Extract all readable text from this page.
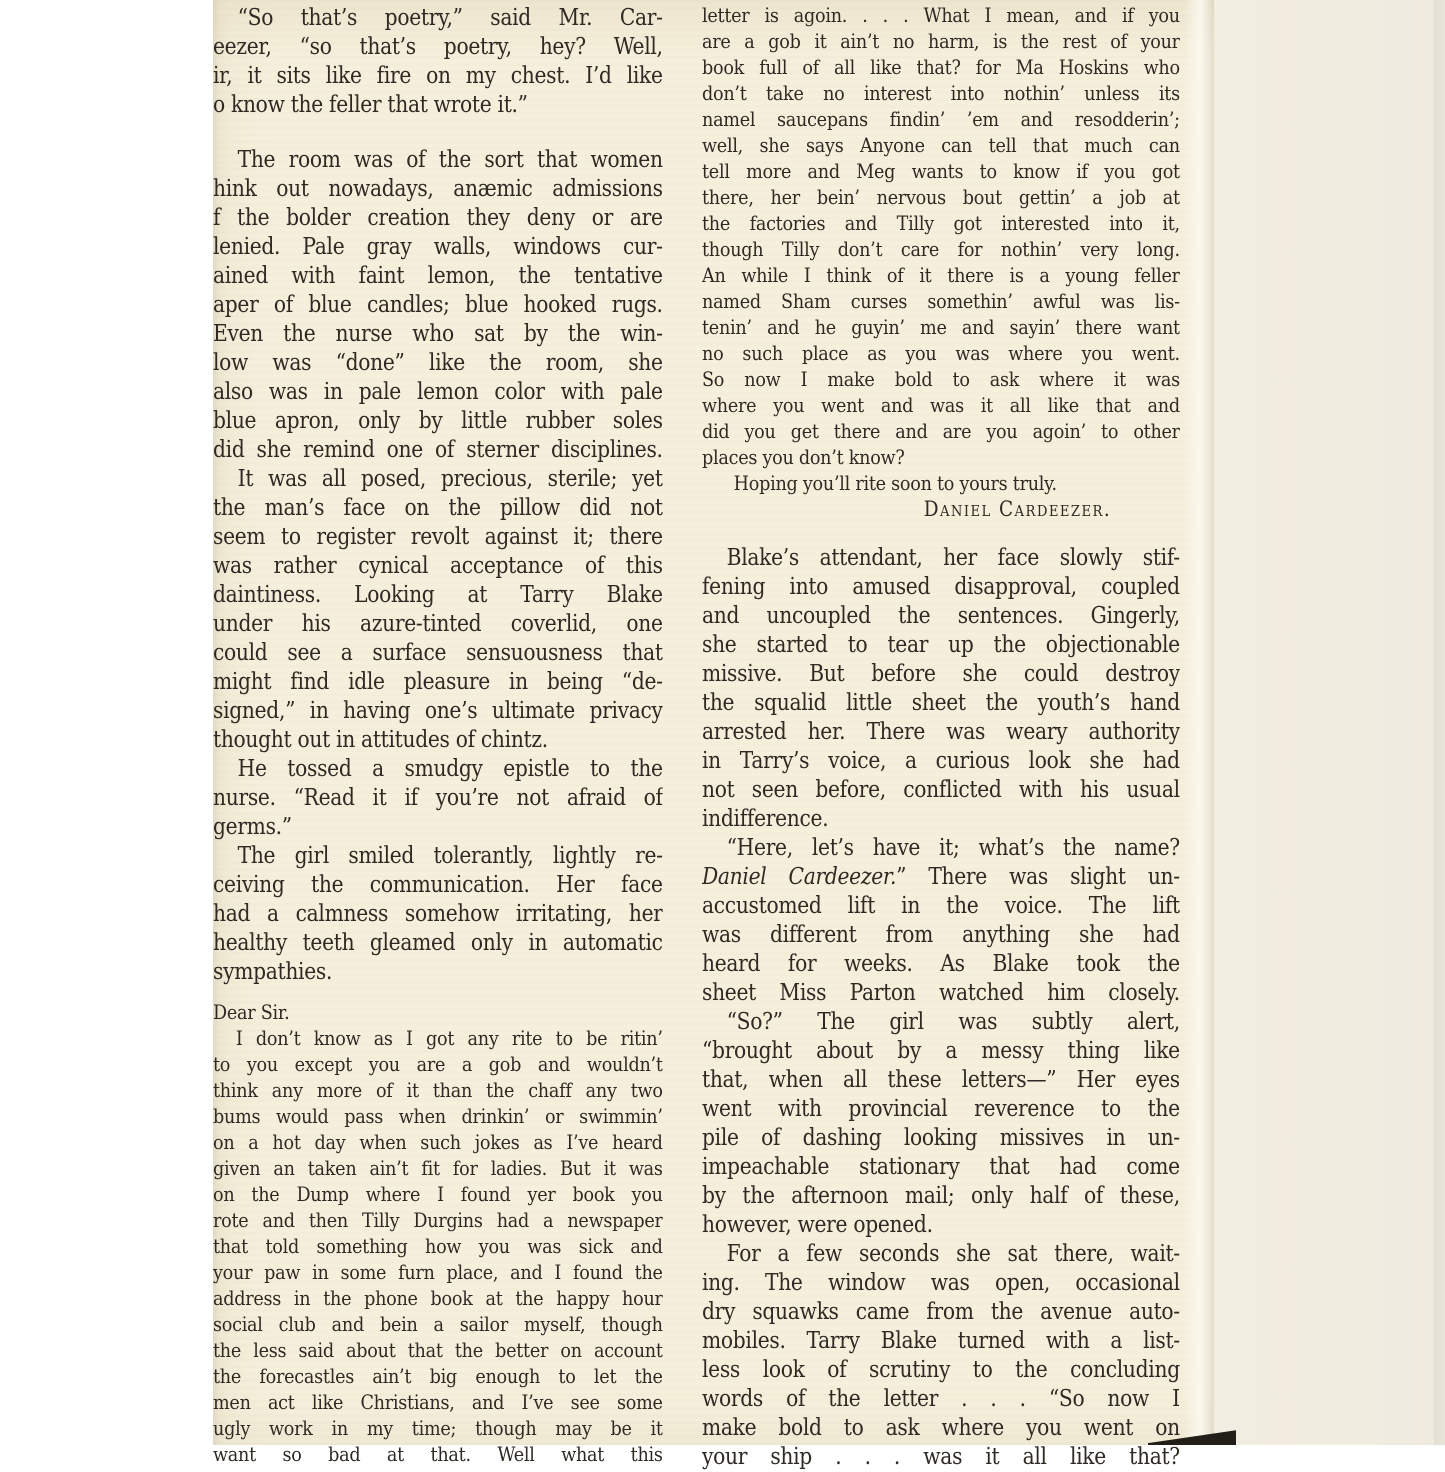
“So that’s poetry,” said Mr. Car-
eezer, “so that’s poetry, hey? Well,
ir, it sits like fire on my chest. I’d like
o know the feller that wrote it.”
The room was of the sort that women
hink out nowadays, anæmic admissions
f the bolder creation they deny or are
lenied. Pale gray walls, windows cur-
ained with faint lemon, the tentative
aper of blue candles; blue hooked rugs.
Even the nurse who sat by the win-
low was “done” like the room, she
also was in pale lemon color with pale
blue apron, only by little rubber soles
did she remind one of sterner disciplines.
It was all posed, precious, sterile; yet
the man’s face on the pillow did not
seem to register revolt against it; there
was rather cynical acceptance of this
daintiness. Looking at Tarry Blake
under his azure-tinted coverlid, one
could see a surface sensuousness that
might find idle pleasure in being “de-
signed,” in having one’s ultimate privacy
thought out in attitudes of chintz.
He tossed a smudgy epistle to the
nurse. “Read it if you’re not afraid of
germs.”
The girl smiled tolerantly, lightly re-
ceiving the communication. Her face
had a calmness somehow irritating, her
healthy teeth gleamed only in automatic
sympathies.
Dear Sir.
I don’t know as I got any rite to be ritin’
to you except you are a gob and wouldn’t
think any more of it than the chaff any two
bums would pass when drinkin’ or swimmin’
on a hot day when such jokes as I’ve heard
given an taken ain’t fit for ladies. But it was
on the Dump where I found yer book you
rote and then Tilly Durgins had a newspaper
that told something how you was sick and
your paw in some furn place, and I found the
address in the phone book at the happy hour
social club and bein a sailor myself, though
the less said about that the better on account
the forecastles ain’t big enough to let the
men act like Christians, and I’ve see some
ugly work in my time; though may be it
want so bad at that. Well what this
letter is agoin. . . . What I mean, and if you
are a gob it ain’t no harm, is the rest of your
book full of all like that? for Ma Hoskins who
don’t take no interest into nothin’ unless its
namel saucepans findin’ ’em and resodderin’;
well, she says Anyone can tell that much can
tell more and Meg wants to know if you got
there, her bein’ nervous bout gettin’ a job at
the factories and Tilly got interested into it,
though Tilly don’t care for nothin’ very long.
An while I think of it there is a young feller
named Sham curses somethin’ awful was lis-
tenin’ and he guyin’ me and sayin’ there want
no such place as you was where you went.
So now I make bold to ask where it was
where you went and was it all like that and
did you get there and are you agoin’ to other
places you don’t know?
Hoping you’ll rite soon to yours truly.
Daniel Cardeezer.
Blake’s attendant, her face slowly stif-
fening into amused disapproval, coupled
and uncoupled the sentences. Gingerly,
she started to tear up the objectionable
missive. But before she could destroy
the squalid little sheet the youth’s hand
arrested her. There was weary authority
in Tarry’s voice, a curious look she had
not seen before, conflicted with his usual
indifference.
“Here, let’s have it; what’s the name?
Daniel Cardeezer.” There was slight un-
accustomed lift in the voice. The lift
was different from anything she had
heard for weeks. As Blake took the
sheet Miss Parton watched him closely.
“So?” The girl was subtly alert,
“brought about by a messy thing like
that, when all these letters—” Her eyes
went with provincial reverence to the
pile of dashing looking missives in un-
impeachable stationary that had come
by the afternoon mail; only half of these,
however, were opened.
For a few seconds she sat there, wait-
ing. The window was open, occasional
dry squawks came from the avenue auto-
mobiles. Tarry Blake turned with a list-
less look of scrutiny to the concluding
words of the letter . . . “So now I
make bold to ask where you went on
your ship . . . was it all like that?
